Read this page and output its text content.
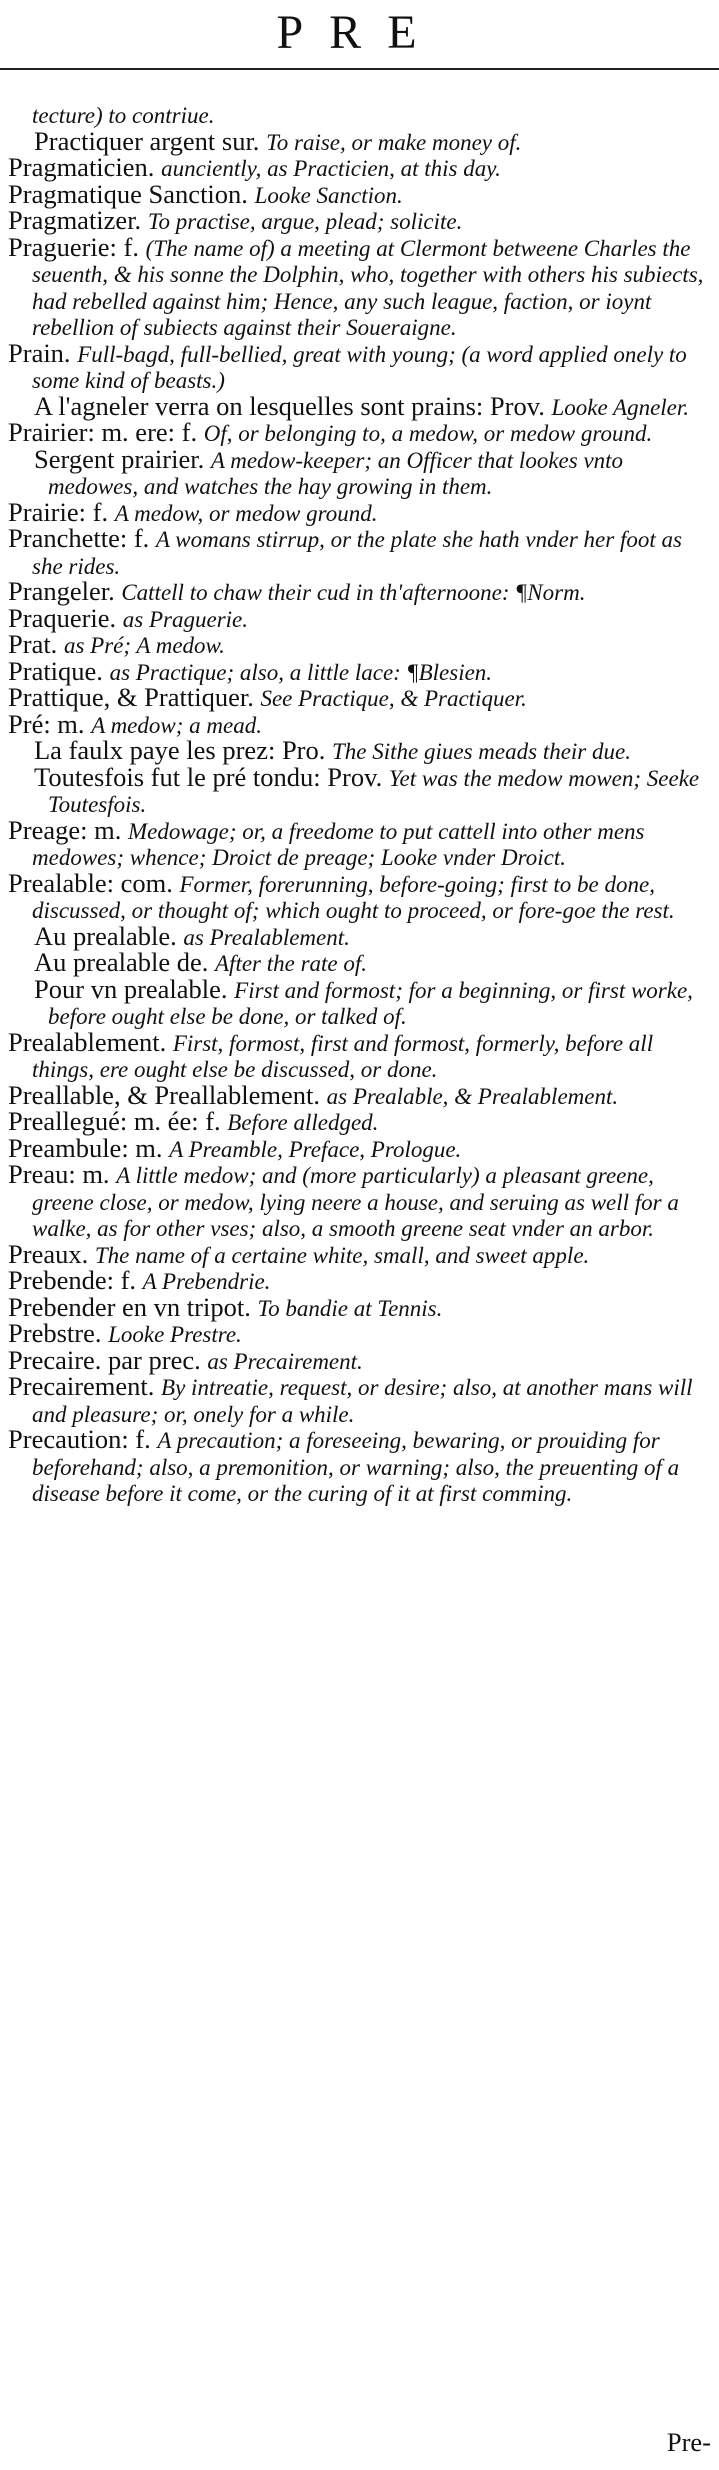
PRE

tecture) to contriue.

Practiquer argent sur. To raise, or make money of.

Pragmaticien. aunciently, as Practicien, at this day.

Pragmatique Sanction. Looke Sanction.

Pragmatizer. To practise, argue, plead; solicite.

Praguerie: f. (The name of) a meeting at Clermont betweene Charles the seuenth, & his sonne the Dolphin, who, together with others his subiects, had rebelled against him; Hence, any such league, faction, or ioynt rebellion of subiects against their Soueraigne.

Prain. Full-bagd, full-bellied, great with young; (a word applied onely to some kind of beasts.)

A l'agneler verra on lesquelles sont prains: Prov. Looke Agneler.

Prairier: m. ere: f. Of, or belonging to, a medow, or medow ground.

Sergent prairier. A medow-keeper; an Officer that lookes vnto medowes, and watches the hay growing in them.

Prairie: f. A medow, or medow ground.

Pranchette: f. A womans stirrup, or the plate she hath vnder her foot as she rides.

Prangeler. Cattell to chaw their cud in th'afternoone: ¶Norm.

Praquerie. as Praguerie.

Prat. as Pré; A medow.

Pratique. as Practique; also, a little lace: ¶Blesien.

Prattique, & Prattiquer. See Practique, & Practiquer.

Pré: m. A medow; a mead.

La faulx paye les prez: Pro. The Sithe giues meads their due.

Toutesfois fut le pré tondu: Prov. Yet was the medow mowen; Seeke Toutesfois.

Preage: m. Medowage; or, a freedome to put cattell into other mens medowes; whence; Droict de preage; Looke vnder Droict.

Prealable: com. Former, forerunning, before-going; first to be done, discussed, or thought of; which ought to proceed, or fore-goe the rest.

Au prealable. as Prealablement.

Au prealable de. After the rate of.

Pour vn prealable. First and formost; for a beginning, or first worke, before ought else be done, or talked of.

Prealablement. First, formost, first and formost, formerly, before all things, ere ought else be discussed, or done.

Preallable, & Preallablement. as Prealable, & Prealablement.

Preallegué: m. ée: f. Before alledged.

Preambule: m. A Preamble, Preface, Prologue.

Preau: m. A little medow; and (more particularly) a pleasant greene, greene close, or medow, lying neere a house, and seruing as well for a walke, as for other vses; also, a smooth greene seat vnder an arbor.

Preaux. The name of a certaine white, small, and sweet apple.

Prebende: f. A Prebendrie.

Prebender en vn tripot. To bandie at Tennis.

Prebstre. Looke Prestre.

Precaire. par prec. as Precairement.

Precairement. By intreatie, request, or desire; also, at another mans will and pleasure; or, onely for a while.

Precaution: f. A precaution; a foreseeing, bewaring, or prouiding for beforehand; also, a premonition, or warning; also, the preuenting of a disease before it come, or the curing of it at first comming.

Pre-
